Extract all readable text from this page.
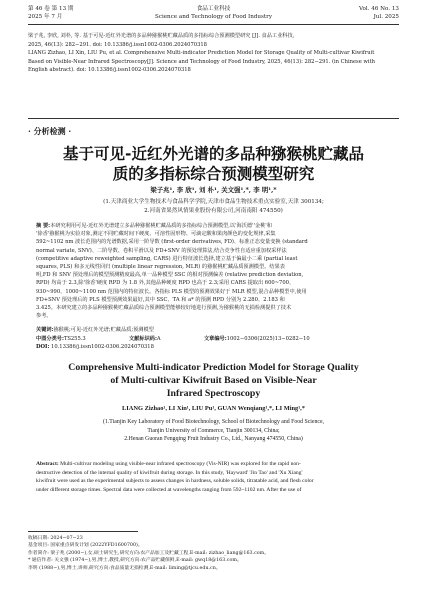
第 46 卷 第 13 期
2025 年 7 月
食品工业科技
Science and Technology of Food Industry
Vol. 46 No. 13
Jul. 2025
梁子兆, 李欣, 刘朴, 等. 基于可见-近红外光谱的多品种猕猴桃贮藏品质的多指标综合预测模型研究 [J]. 食品工业科技,
2025, 46(13): 282−291. doi: 10.13386/j.issn1002-0306.2024070318
LIANG Zizhao, LI Xin, LIU Pu, et al. Comprehensive Multi-indicator Prediction Model for Storage Quality of Multi-cultivar Kiwifruit
Based on Visible-Near Infrared Spectroscopy[J]. Science and Technology of Food Industry, 2025, 46(13): 282−291. (in Chinese with
English abstract). doi: 10.13386/j.issn1002-0306.2024070318
· 分析检测 ·
基于可见-近红外光谱的多品种猕猴桃贮藏品
质的多指标综合预测模型研究
梁子兆¹, 李 欣¹, 刘 朴¹, 关文强¹,*, 李 明¹,*
(1.天津商业大学生物技术与食品科学学院,天津市食品生物技术重点实验室,天津 300134;
2.河南省果然风情果业股份有限公司,河南南阳 474550)
摘 要:本研究利用可见-近红外光谱建立多品种猕猴桃贮藏品质的多指标综合预测模型,以'海沃德''金桃'和
'徐香'猕猴桃为实验对象,测定不同贮藏时间下硬度、可溶性固形物、可滴定酸和果肉颜色的变化规律,采集
592~1102 nm 波长范围内的光谱数据,采用一阶导数 (first-order derivatives, FD)、标准正态变量变换 (standard
normal variate, SNV)、二阶导数、卷积平滑以及 FD+SNV 的预处理算法,结合竞争性自适应重加权采样法
(competitive adaptive reweighted sampling, CARS) 进行特征波长选择,建立基于偏最小二乘 (partial least
squares, PLS) 和多元线性回归 (multiple linear regression, MLR) 的猕猴桃贮藏品质预测模型。结果表
明,FD 和 SNV 预处理后的模型预测精度最高,单一品种模型 SSC 的相对预测偏差 (relative prediction deviation,
RPD) 均高于 2.3,除'徐香'硬度 RPD 为 1.8 外,其他品种硬度 RPD 也高于 2.3;采用 CARS 提取出 600~700、
930~990、1000~1100 nm 范围内的特征波长。各指标 PLS 模型的预测效果好于 MLR 模型,混合品种模型中,使用
FD+SNV 预处理后的 PLS 模型预测效果最好,其中 SSC、TA 和 a* 的预测 RPD 分别为 2.280、2.183 和
3.425。本研究建立的多品种猕猴桃贮藏品质综合预测模型能够较好地进行预测,为猕猴桃的无损检测提供了技术
参考。
关键词:猕猴桃;可见-近红外光谱;贮藏品质;预测模型
中图分类号:TS255.3	文献标识码:A	文章编号:1002−0306(2025)13−0282−10
DOI: 10.13386/j.issn1002-0306.2024070318
Comprehensive Multi-indicator Prediction Model for Storage Quality
of Multi-cultivar Kiwifruit Based on Visible-Near
Infrared Spectroscopy
LIANG Zizhao¹, LI Xin¹, LIU Pu¹, GUAN Wenqiang¹,*, LI Ming¹,*
(1.Tianjin Key Laboratory of Food Biotechnology, School of Biotechnology and Food Science,
Tianjin University of Commerce, Tianjin 300134, China;
2.Henan Guoran Fengqing Fruit Industry Co., Ltd., Nanyang 474550, China)
Abstract: Multi-cultivar modeling using visible-near infrared spectroscopy (Vis-NIR) was explored for the rapid non-
destructive detection of the internal quality of kiwifruit during storage. In this study, 'Hayward' 'Jin Tao' and 'Xu Xiang'
kiwifruit were used as the experimental subjects to assess changes in hardness, soluble solids, titratable acid, and flesh color
under different storage times. Spectral data were collected at wavelengths ranging from 592~1102 nm. After the use of
收稿日期: 2024−07−23
基金项目: 国家重点研发计划 (2022YFD1600700)。
作者简介: 梁子兆 (2000−),女,硕士研究生,研究方向:农产品加工及贮藏工程,E-mail: zizhao_liang@163.com。
* 通信作者: 关文强 (1974−),男,博士,教授,研究方向:农产品贮藏保鲜,E-mail: gwq18@163.com。
李明 (1988−),男,博士,讲师,研究方向:食品质量无损检测,E-mail: liming@tjcu.edu.cn。
